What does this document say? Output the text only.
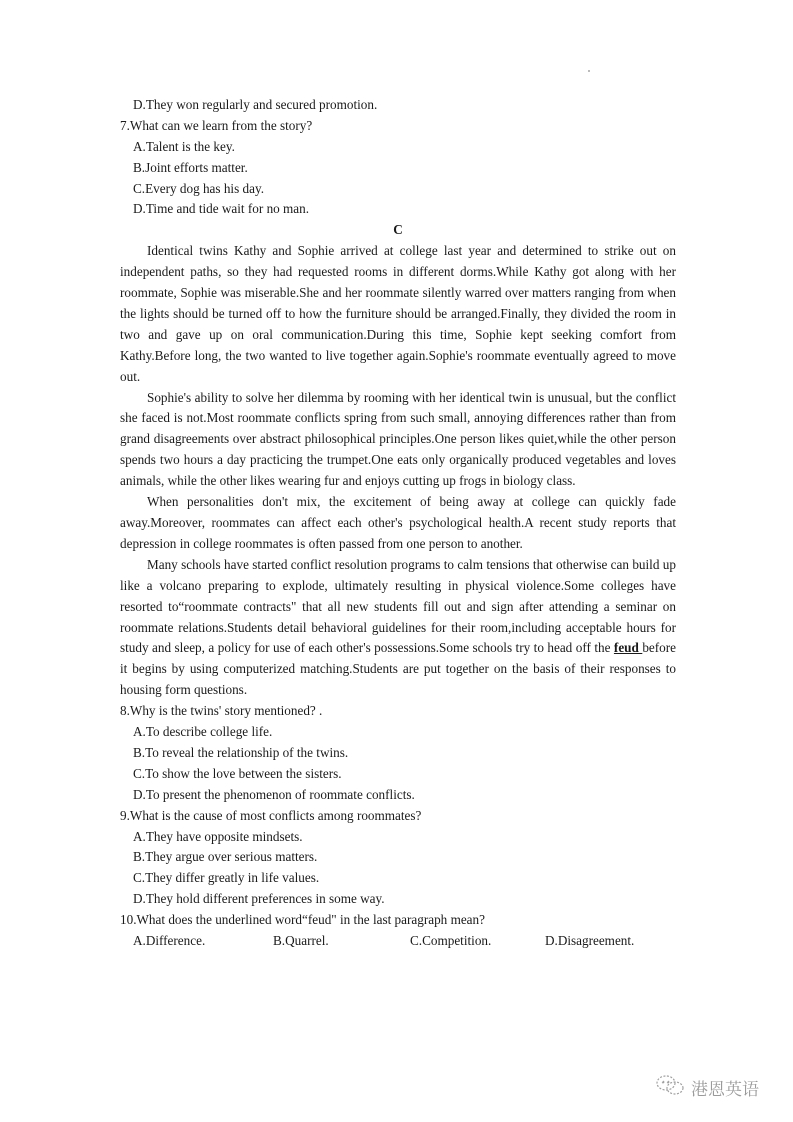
D.They won regularly and secured promotion.
7.What can we learn from the story?
A.Talent is the key.
B.Joint efforts matter.
C.Every dog has his day.
D.Time and tide wait for no man.
C

Identical twins Kathy and Sophie arrived at college last year and determined to strike out on independent paths, so they had requested rooms in different dorms.While Kathy got along with her roommate, Sophie was miserable.She and her roommate silently warred over matters ranging from when the lights should be turned off to how the furniture should be arranged.Finally, they divided the room in two and gave up on oral communication.During this time, Sophie kept seeking comfort from Kathy.Before long, the two wanted to live together again.Sophie's roommate eventually agreed to move out.

Sophie's ability to solve her dilemma by rooming with her identical twin is unusual, but the conflict she faced is not.Most roommate conflicts spring from such small, annoying differences rather than from grand disagreements over abstract philosophical principles.One person likes quiet,while the other person spends two hours a day practicing the trumpet.One eats only organically produced vegetables and loves animals, while the other likes wearing fur and enjoys cutting up frogs in biology class.

When personalities don't mix, the excitement of being away at college can quickly fade away.Moreover, roommates can affect each other's psychological health.A recent study reports that depression in college roommates is often passed from one person to another.

Many schools have started conflict resolution programs to calm tensions that otherwise can build up like a volcano preparing to explode, ultimately resulting in physical violence.Some colleges have resorted to“roommate contracts" that all new students fill out and sign after attending a seminar on roommate relations.Students detail behavioral guidelines for their room,including acceptable hours for study and sleep, a policy for use of each other's possessions.Some schools try to head off the feud before it begins by using computerized matching.Students are put together on the basis of their responses to housing form questions.

8.Why is the twins' story mentioned? .
A.To describe college life.
B.To reveal the relationship of the twins.
C.To show the love between the sisters.
D.To present the phenomenon of roommate conflicts.
9.What is the cause of most conflicts among roommates?
A.They have opposite mindsets.
B.They argue over serious matters.
C.They differ greatly in life values.
D.They hold different preferences in some way.
10.What does the underlined word“feud" in the last paragraph mean?
A.Difference.	B.Quarrel.	C.Competition.	D.Disagreement.
港恩英语
